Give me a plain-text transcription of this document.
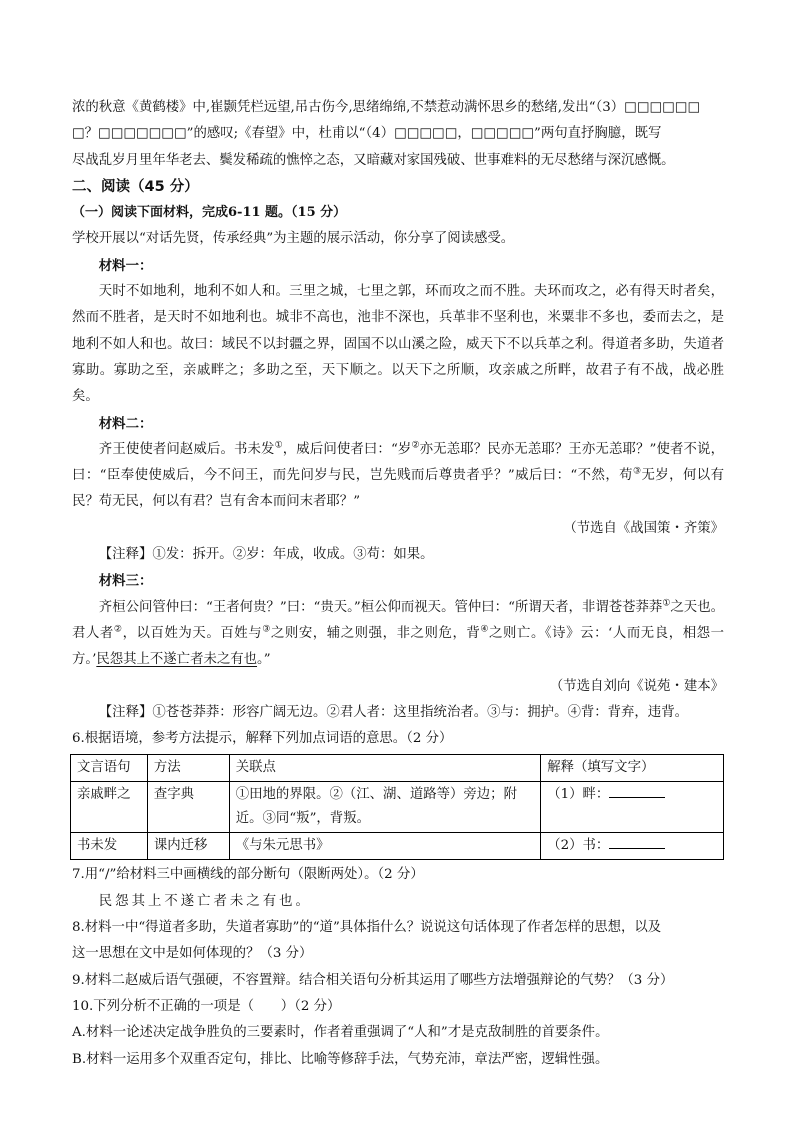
浓的秋意《黄鹤楼》中,崔颢凭栏远望,吊古伤今,思绪绵绵,不禁惹动满怀思乡的愁绪,发出“（3）□□□□□□

□？□□□□□□□”的感叹;《春望》中，杜甫以“（4）□□□□□，□□□□□”两句直抒胸臆，既写

尽战乱岁月里年华老去、鬓发稀疏的憔悴之态，又暗藏对家国残破、世事难料的无尽愁绪与深沉感慨。

二、阅读（45 分）

（一）阅读下面材料，完成6-11 题。（15 分）

学校开展以“对话先贤，传承经典”为主题的展示活动，你分享了阅读感受。

材料一：

天时不如地利，地利不如人和。三里之城，七里之郭，环而攻之而不胜。夫环而攻之，必有得天时者矣，然而不胜者，是天时不如地利也。城非不高也，池非不深也，兵革非不坚利也，米粟非不多也，委而去之，是地利不如人和也。故曰：域民不以封疆之界，固国不以山溪之险，威天下不以兵革之利。得道者多助，失道者寡助。寡助之至，亲戚畔之；多助之至，天下顺之。以天下之所顺，攻亲戚之所畔，故君子有不战，战必胜矣。

材料二：

齐王使使者问赵威后。书未发①，威后问使者曰：“岁②亦无恙耶？民亦无恙耶？王亦无恙耶？”使者不说，曰：“臣奉使使威后，今不问王，而先问岁与民，岂先贱而后尊贵者乎？”威后曰：“不然，苟③无岁，何以有民？苟无民，何以有君？岂有舍本而问末者耶？”

（节选自《战国策・齐策》

【注释】①发：拆开。②岁：年成，收成。③苟：如果。

材料三：

齐桓公问管仲曰：“王者何贵？”曰：“贵天。”桓公仰而视天。管仲曰：“所谓天者，非谓苍苍莽莽①之天也。君人者②，以百姓为天。百姓与③之则安，辅之则强，非之则危，背④之则亡。《诗》云：‘人而无良，相怨一方。’民怨其上不遂亡者未之有也。”

（节选自刘向《说苑・建本》

【注释】①苍苍莽莽：形容广阔无边。②君人者：这里指统治者。③与：拥护。④背：背弃，违背。

6.根据语境，参考方法提示，解释下列加点词语的意思。（2 分）

文言语句	方法	关联点	解释（填写文字）
亲戚畔之	查字典	①田地的界限。②（江、湖、道路等）旁边；附近。③同“叛”，背叛。	（1）畔：
书未发	课内迁移	《与朱元思书》	（2）书：

7.用“/”给材料三中画横线的部分断句（限断两处）。（2 分）

民怨其上不遂亡者未之有也。

8.材料一中“得道者多助，失道者寡助”的“道”具体指什么？说说这句话体现了作者怎样的思想，以及

这一思想在文中是如何体现的？（3 分）

9.材料二赵威后语气强硬，不容置辩。结合相关语句分析其运用了哪些方法增强辩论的气势？（3 分）

10.下列分析不正确的一项是（　　）（2 分）

A.材料一论述决定战争胜负的三要素时，作者着重强调了“人和”才是克敌制胜的首要条件。

B.材料一运用多个双重否定句，排比、比喻等修辞手法，气势充沛，章法严密，逻辑性强。
